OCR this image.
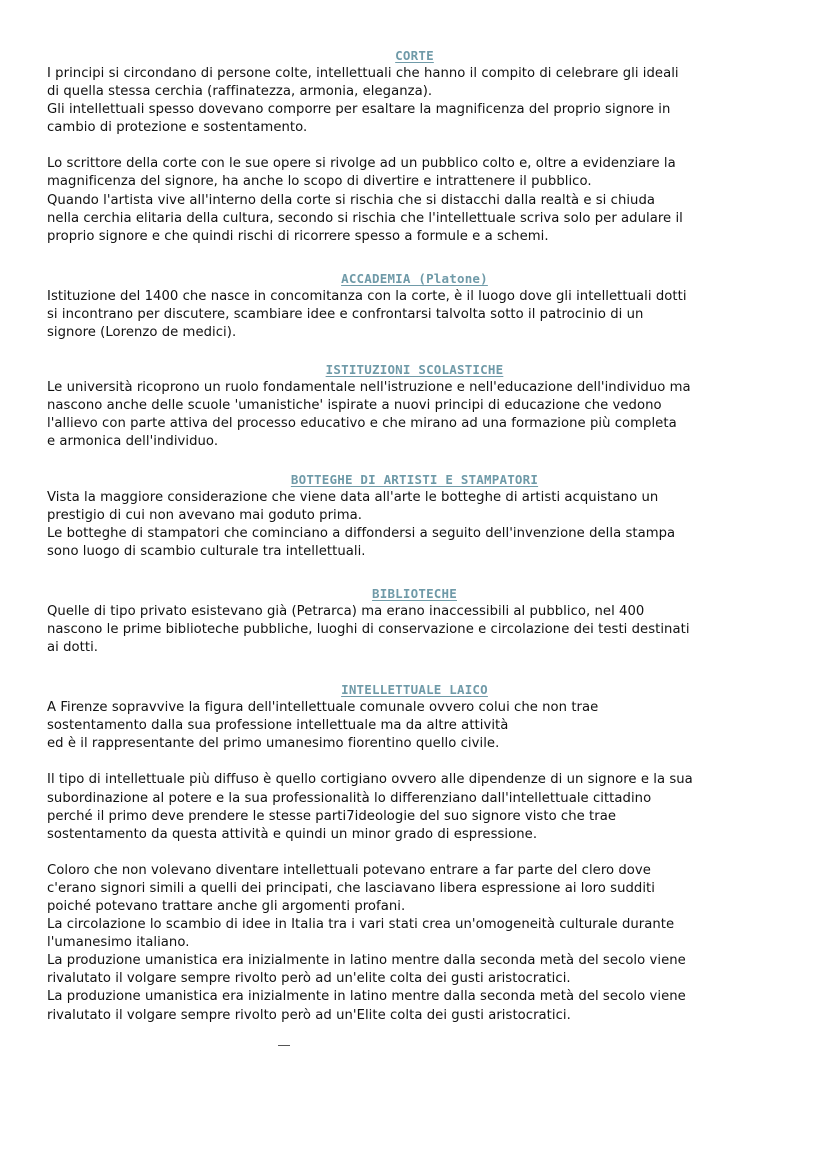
CORTE
I principi si circondano di persone colte, intellettuali che hanno il compito di celebrare gli ideali
di quella stessa cerchia (raffinatezza, armonia, eleganza).
Gli intellettuali spesso dovevano comporre per esaltare la magnificenza del proprio signore in
cambio di protezione e sostentamento.
Lo scrittore della corte con le sue opere si rivolge ad un pubblico colto e, oltre a evidenziare la
magnificenza del signore, ha anche lo scopo di divertire e intrattenere il pubblico.
Quando l'artista vive all'interno della corte si rischia che si distacchi dalla realtà e si chiuda
nella cerchia elitaria della cultura, secondo si rischia che l'intellettuale scriva solo per adulare il
proprio signore e che quindi rischi di ricorrere spesso a formule e a schemi.
ACCADEMIA (Platone)
Istituzione del 1400 che nasce in concomitanza con la corte, è il luogo dove gli intellettuali dotti
si incontrano per discutere, scambiare idee e confrontarsi talvolta sotto il patrocinio di un
signore (Lorenzo de medici).
ISTITUZIONI SCOLASTICHE
Le università ricoprono un ruolo fondamentale nell'istruzione e nell'educazione dell'individuo ma
nascono anche delle scuole 'umanistiche' ispirate a nuovi principi di educazione che vedono
l'allievo con parte attiva del processo educativo e che mirano ad una formazione più completa
e armonica dell'individuo.
BOTTEGHE DI ARTISTI E STAMPATORI
Vista la maggiore considerazione che viene data all'arte le botteghe di artisti acquistano un
prestigio di cui non avevano mai goduto prima.
Le botteghe di stampatori che cominciano a diffondersi a seguito dell'invenzione della stampa
sono luogo di scambio culturale tra intellettuali.
BIBLIOTECHE
Quelle di tipo privato esistevano già (Petrarca) ma erano inaccessibili al pubblico, nel 400
nascono le prime biblioteche pubbliche, luoghi di conservazione e circolazione dei testi destinati
ai dotti.
INTELLETTUALE LAICO
A Firenze sopravvive la figura dell'intellettuale comunale ovvero colui che non trae
sostentamento dalla sua professione intellettuale ma da altre attività
ed è il rappresentante del primo umanesimo fiorentino quello civile.
Il tipo di intellettuale più diffuso è quello cortigiano ovvero alle dipendenze di un signore e la sua
subordinazione al potere e la sua professionalità lo differenziano dall'intellettuale cittadino
perché il primo deve prendere le stesse parti7ideologie del suo signore visto che trae
sostentamento da questa attività e quindi un minor grado di espressione.
Coloro che non volevano diventare intellettuali potevano entrare a far parte del clero dove
c'erano signori simili a quelli dei principati, che lasciavano libera espressione ai loro sudditi
poiché potevano trattare anche gli argomenti profani.
La circolazione lo scambio di idee in Italia tra i vari stati crea un'omogeneità culturale durante
l'umanesimo italiano.
La produzione umanistica era inizialmente in latino mentre dalla seconda metà del secolo viene
rivalutato il volgare sempre rivolto però ad un'elite colta dei gusti aristocratici.
La produzione umanistica era inizialmente in latino mentre dalla seconda metà del secolo viene
rivalutato il volgare sempre rivolto però ad un'Elite colta dei gusti aristocratici.
